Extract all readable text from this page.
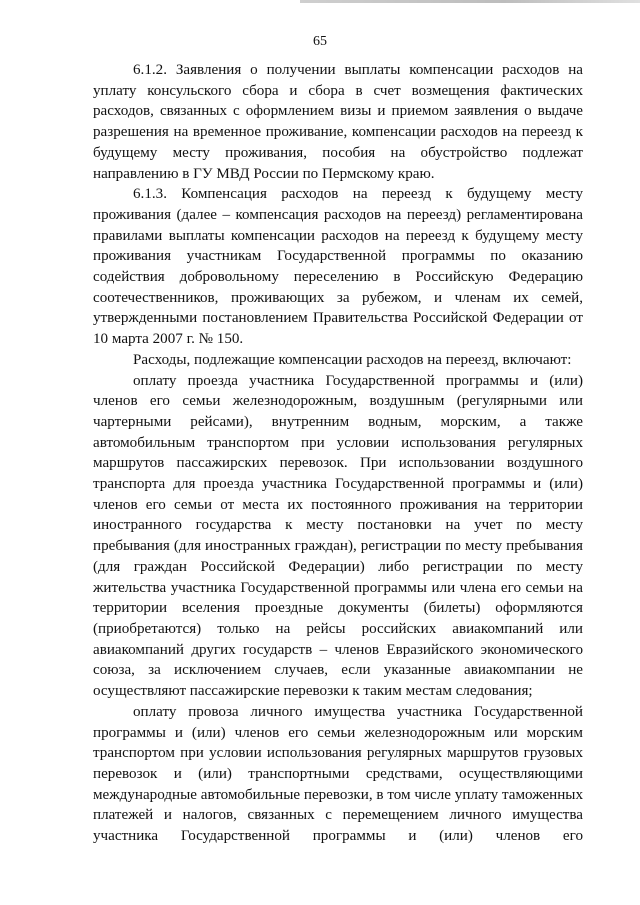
65

6.1.2. Заявления о получении выплаты компенсации расходов на уплату консульского сбора и сбора в счет возмещения фактических расходов, связанных с оформлением визы и приемом заявления о выдаче разрешения на временное проживание, компенсации расходов на переезд к будущему месту проживания, пособия на обустройство подлежат направлению в ГУ МВД России по Пермскому краю.

6.1.3. Компенсация расходов на переезд к будущему месту проживания (далее – компенсация расходов на переезд) регламентирована правилами выплаты компенсации расходов на переезд к будущему месту проживания участникам Государственной программы по оказанию содействия добровольному переселению в Российскую Федерацию соотечественников, проживающих за рубежом, и членам их семей, утвержденными постановлением Правительства Российской Федерации от 10 марта 2007 г. № 150.

Расходы, подлежащие компенсации расходов на переезд, включают:

оплату проезда участника Государственной программы и (или) членов его семьи железнодорожным, воздушным (регулярными или чартерными рейсами), внутренним водным, морским, а также автомобильным транспортом при условии использования регулярных маршрутов пассажирских перевозок. При использовании воздушного транспорта для проезда участника Государственной программы и (или) членов его семьи от места их постоянного проживания на территории иностранного государства к месту постановки на учет по месту пребывания (для иностранных граждан), регистрации по месту пребывания (для граждан Российской Федерации) либо регистрации по месту жительства участника Государственной программы или члена его семьи на территории вселения проездные документы (билеты) оформляются (приобретаются) только на рейсы российских авиакомпаний или авиакомпаний других государств – членов Евразийского экономического союза, за исключением случаев, если указанные авиакомпании не осуществляют пассажирские перевозки к таким местам следования;

оплату провоза личного имущества участника Государственной программы и (или) членов его семьи железнодорожным или морским транспортом при условии использования регулярных маршрутов грузовых перевозок и (или) транспортными средствами, осуществляющими международные автомобильные перевозки, в том числе уплату таможенных платежей и налогов, связанных с перемещением личного имущества участника Государственной программы и (или) членов его
